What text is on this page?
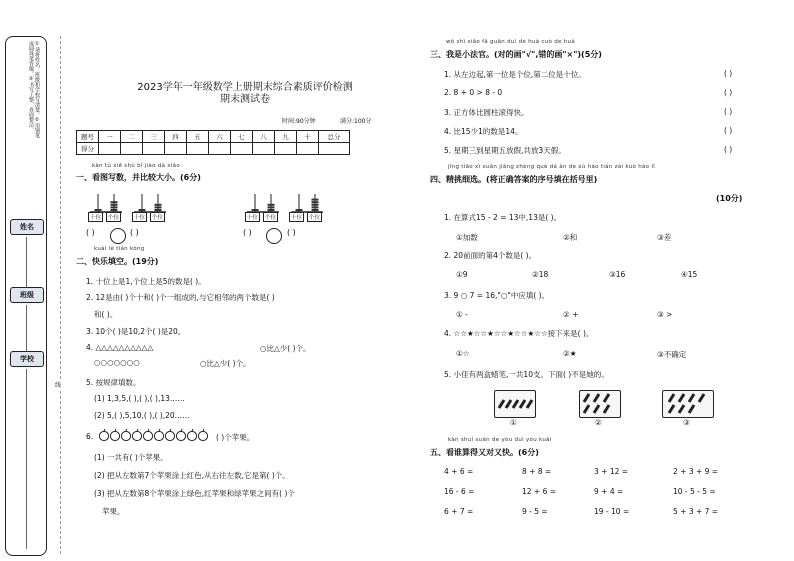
①请将姓名、班级和学校写清楚。②用钢笔或圆珠笔答题。③书写工整，卷面整洁。
姓名
班级
学校
线
2023学年一年级数学上册期末综合素质评价检测
期末测试卷
时间:90分钟	满分:100分
题号	一	二	三	四	五	六	七	八	九	十	总分
得分											
kàn tú xiě shù bǐ jiào dà xiǎo
一、看图写数，并比较大小。(6分)
十位	个位
( )
十位	个位
( )
十位	个位
( )
十位	个位
( )
kuài lè tián kòng
二、快乐填空。(19分)
1. 十位上是1,个位上是5的数是( )。
2. 12是由( )个十和( )个一组成的,与它相邻的两个数是( )
和( )。
3. 10个( )是10,2个( )是20。
4. △△△△△△△△△△	○比△少( )个。
○○○○○○○	○比△少( )个。
5. 按规律填数。
(1) 1,3,5,( ),( ),( ),13……
(2) 5,( ),5,10,( ),( ),20……
6.	( )个苹果。
(1) 一共有( )个苹果。
(2) 把从左数第7个苹果涂上红色,从右往左数,它是第( )个。
(3) 把从左数第8个苹果涂上绿色,红苹果和绿苹果之间有( )个
苹果。
wǒ shì xiǎo fǎ guān duì de huà cuò de huà
三、我是小法官。(对的画"√",错的画"×")(5分)
1. 从左边起,第一位是个位,第二位是十位。	( )
2. 8 + 0 > 8 - 0	( )
3. 正方体比圆柱滚得快。	( )
4. 比15少1的数是14。	( )
5. 星期三到星期五放假,共放3天假。	( )
jīng tiāo xì xuǎn jiāng zhèng què dá àn de xù hào tián zài kuò hào lǐ
四、精挑细选。(将正确答案的序号填在括号里)
(10分)
1. 在算式15 - 2 = 13中,13是( )。
①加数	②和	③差
2. 20前面的第4个数是( )。
①9	②18	③16	④15
3. 9 ○ 7 = 16,"○"中应填( )。
① -	② +	③ >
4. ☆☆★☆☆★☆☆★☆☆★☆☆接下来是( )。
①☆	②★	③不确定
5. 小佳有两盒蜡笔,一共10支。下面( )不是她的。
①	②	③
kàn shuí suàn de yòu duì yòu kuài
五、看谁算得又对又快。(6分)
4 + 6 =	8 + 8 =	3 + 12 =	2 + 3 + 9 =
16 - 6 =	12 + 6 =	9 + 4 =	10 - 5 - 5 =
6 + 7 =	9 - 5 =	19 - 10 =	5 + 3 + 7 =
